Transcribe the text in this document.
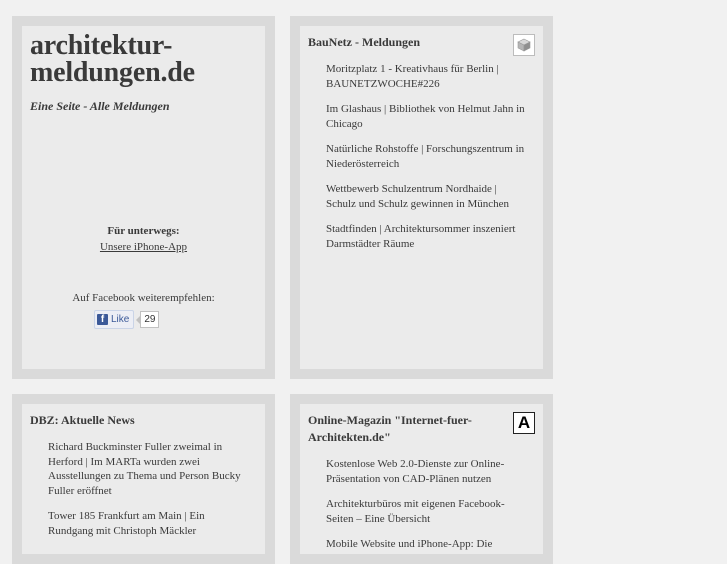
architektur-
meldungen.de
Eine Seite - Alle Meldungen
Für unterwegs:
Unsere iPhone-App
Auf Facebook weiterempfehlen:
f Like	29
BauNetz - Meldungen
Moritzplatz 1 - Kreativhaus für Berlin | BAUNETZWOCHE#226
Im Glashaus | Bibliothek von Helmut Jahn in Chicago
Natürliche Rohstoffe | Forschungszentrum in Niederösterreich
Wettbewerb Schulzentrum Nordhaide | Schulz und Schulz gewinnen in München
Stadtfinden | Architektursommer inszeniert Darmstädter Räume
DBZ: Aktuelle News
Richard Buckminster Fuller zweimal in Herford | Im MARTa wurden zwei Ausstellungen zu Thema und Person Bucky Fuller eröffnet
Tower 185 Frankfurt am Main | Ein Rundgang mit Christoph Mäckler
Online-Magazin "Internet-fuer-Architekten.de"
A
Kostenlose Web 2.0-Dienste zur Online-Präsentation von CAD-Plänen nutzen
Architekturbüros mit eigenen Facebook-Seiten – Eine Übersicht
Mobile Website und iPhone-App: Die
